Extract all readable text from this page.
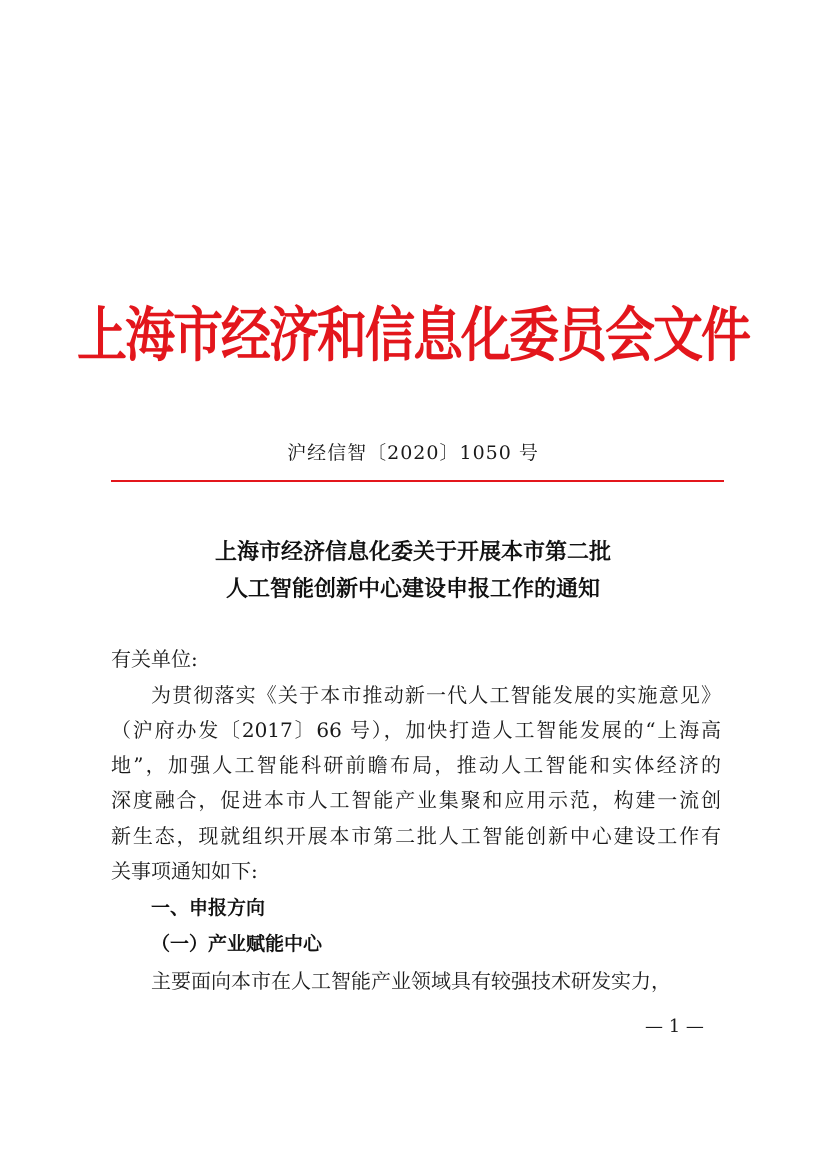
上海市经济和信息化委员会文件
沪经信智〔2020〕1050 号
上海市经济信息化委关于开展本市第二批
人工智能创新中心建设申报工作的通知
有关单位:
为贯彻落实《关于本市推动新一代人工智能发展的实施意见》
（沪府办发〔2017〕66 号），加快打造人工智能发展的“上海高
地”，加强人工智能科研前瞻布局，推动人工智能和实体经济的
深度融合，促进本市人工智能产业集聚和应用示范，构建一流创
新生态，现就组织开展本市第二批人工智能创新中心建设工作有
关事项通知如下:
一、申报方向
（一）产业赋能中心
主要面向本市在人工智能产业领域具有较强技术研发实力，
— 1 —
